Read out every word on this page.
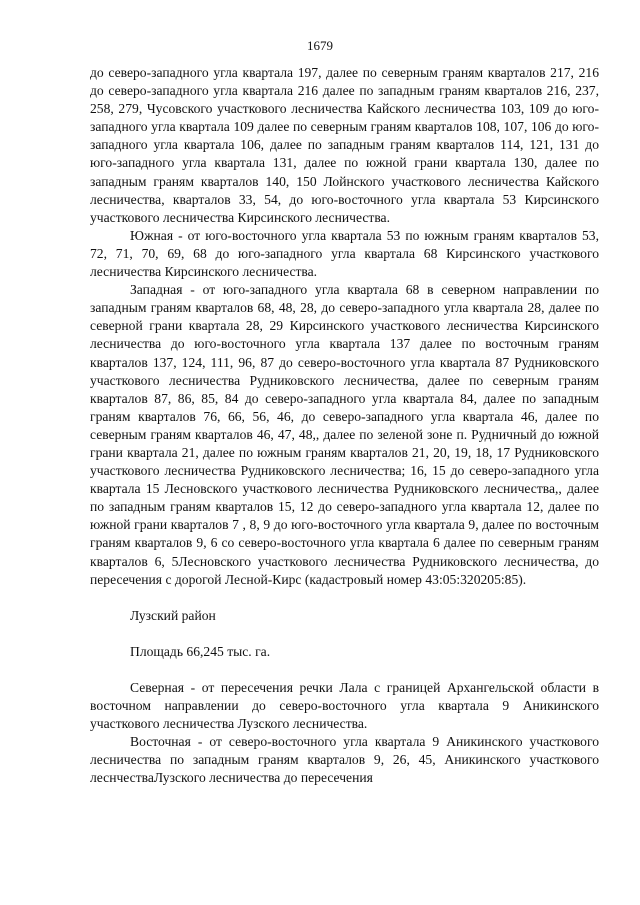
1679

до северо-западного угла квартала 197, далее по северным граням кварталов 217, 216 до северо-западного угла квартала 216 далее по западным граням кварталов 216, 237, 258, 279, Чусовского участкового лесничества Кайского лесничества 103, 109 до юго-западного угла квартала 109 далее по северным граням кварталов 108, 107, 106 до юго-западного угла квартала 106, далее по западным граням кварталов 114, 121, 131 до юго-западного угла квартала 131, далее по южной грани квартала 130, далее по западным граням кварталов 140, 150 Лойнского участкового лесничества Кайского лесничества, кварталов 33, 54, до юго-восточного угла квартала 53 Кирсинского участкового лесничества Кирсинского лесничества.

Южная - от юго-восточного угла квартала 53 по южным граням кварталов 53, 72, 71, 70, 69, 68 до юго-западного угла квартала 68 Кирсинского участкового лесничества Кирсинского лесничества.

Западная - от юго-западного угла квартала 68 в северном направлении по западным граням кварталов 68, 48, 28, до северо-западного угла квартала 28, далее по северной грани квартала 28, 29 Кирсинского участкового лесничества Кирсинского лесничества до юго-восточного угла квартала 137 далее по восточным граням кварталов 137, 124, 111, 96, 87 до северо-восточного угла квартала 87 Рудниковского участкового лесничества Рудниковского лесничества, далее по северным граням кварталов 87, 86, 85, 84 до северо-западного угла квартала 84, далее по западным граням кварталов 76, 66, 56, 46, до северо-западного угла квартала 46, далее по северным граням кварталов 46, 47, 48,, далее по зеленой зоне п. Рудничный до южной грани квартала 21, далее по южным граням кварталов 21, 20, 19, 18, 17 Рудниковского участкового лесничества Рудниковского лесничества; 16, 15 до северо-западного угла квартала 15 Лесновского участкового лесничества Рудниковского лесничества,, далее по западным граням кварталов 15, 12 до северо-западного угла квартала 12, далее по южной грани кварталов 7 , 8, 9 до юго-восточного угла квартала 9, далее по восточным граням кварталов 9, 6 со северо-восточного угла квартала 6 далее по северным граням кварталов 6, 5Лесновского участкового лесничества Рудниковского лесничества, до пересечения с дорогой Лесной-Кирс (кадастровый номер 43:05:320205:85).

Лузский район

Площадь 66,245 тыс. га.

Северная - от пересечения речки Лала с границей Архангельской области в восточном направлении до северо-восточного угла квартала 9 Аникинского участкового лесничества Лузского лесничества.

Восточная - от северо-восточного угла квартала 9 Аникинского участкового лесничества по западным граням кварталов 9, 26, 45, Аникинского участкового леснчестваЛузского лесничества до пересечения
